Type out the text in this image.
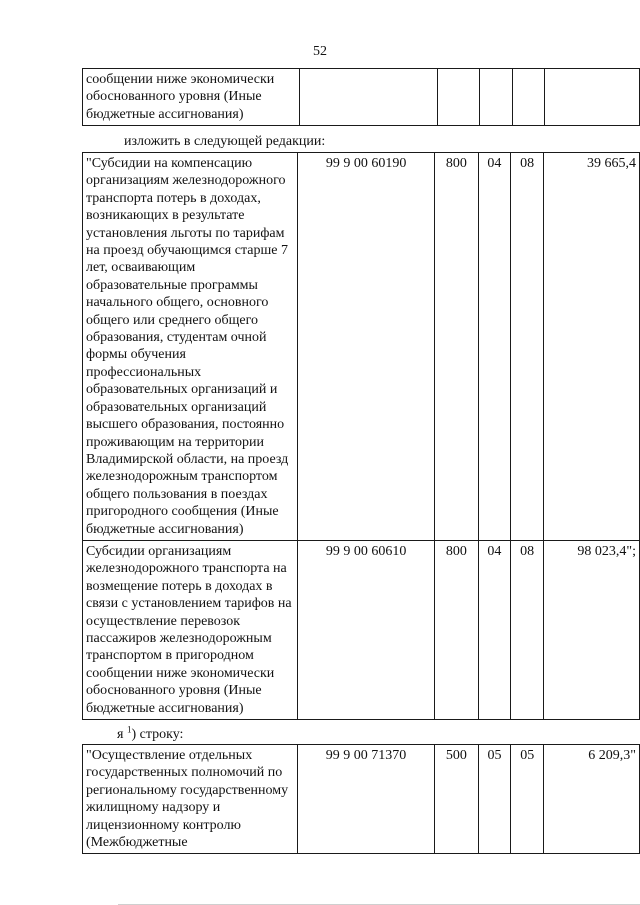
52
сообщении ниже экономически обоснованного уровня (Иные бюджетные ассигнования)					
изложить в следующей редакции:
"Субсидии на компенсацию организациям железнодорожного транспорта потерь в доходах, возникающих в результате установления льготы по тарифам на проезд обучающимся старше 7 лет, осваивающим образовательные программы начального общего, основного общего или среднего общего образования, студентам очной формы обучения профессиональных образовательных организаций и образовательных организаций высшего образования, постоянно проживающим на территории Владимирской области, на проезд железнодорожным транспортом общего пользования в поездах пригородного сообщения (Иные бюджетные ассигнования)	99 9 00 60190	800	04	08	39 665,4
Субсидии организациям железнодорожного транспорта на возмещение потерь в доходах в связи с установлением тарифов на осуществление перевозок пассажиров железнодорожным транспортом в пригородном сообщении ниже экономически обоснованного уровня (Иные бюджетные ассигнования)	99 9 00 60610	800	04	08	98 023,4";
я $^1$) строку:
"Осуществление отдельных государственных полномочий по региональному государственному жилищному надзору и лицензионному контролю (Межбюджетные	99 9 00 71370	500	05	05	6 209,3"
